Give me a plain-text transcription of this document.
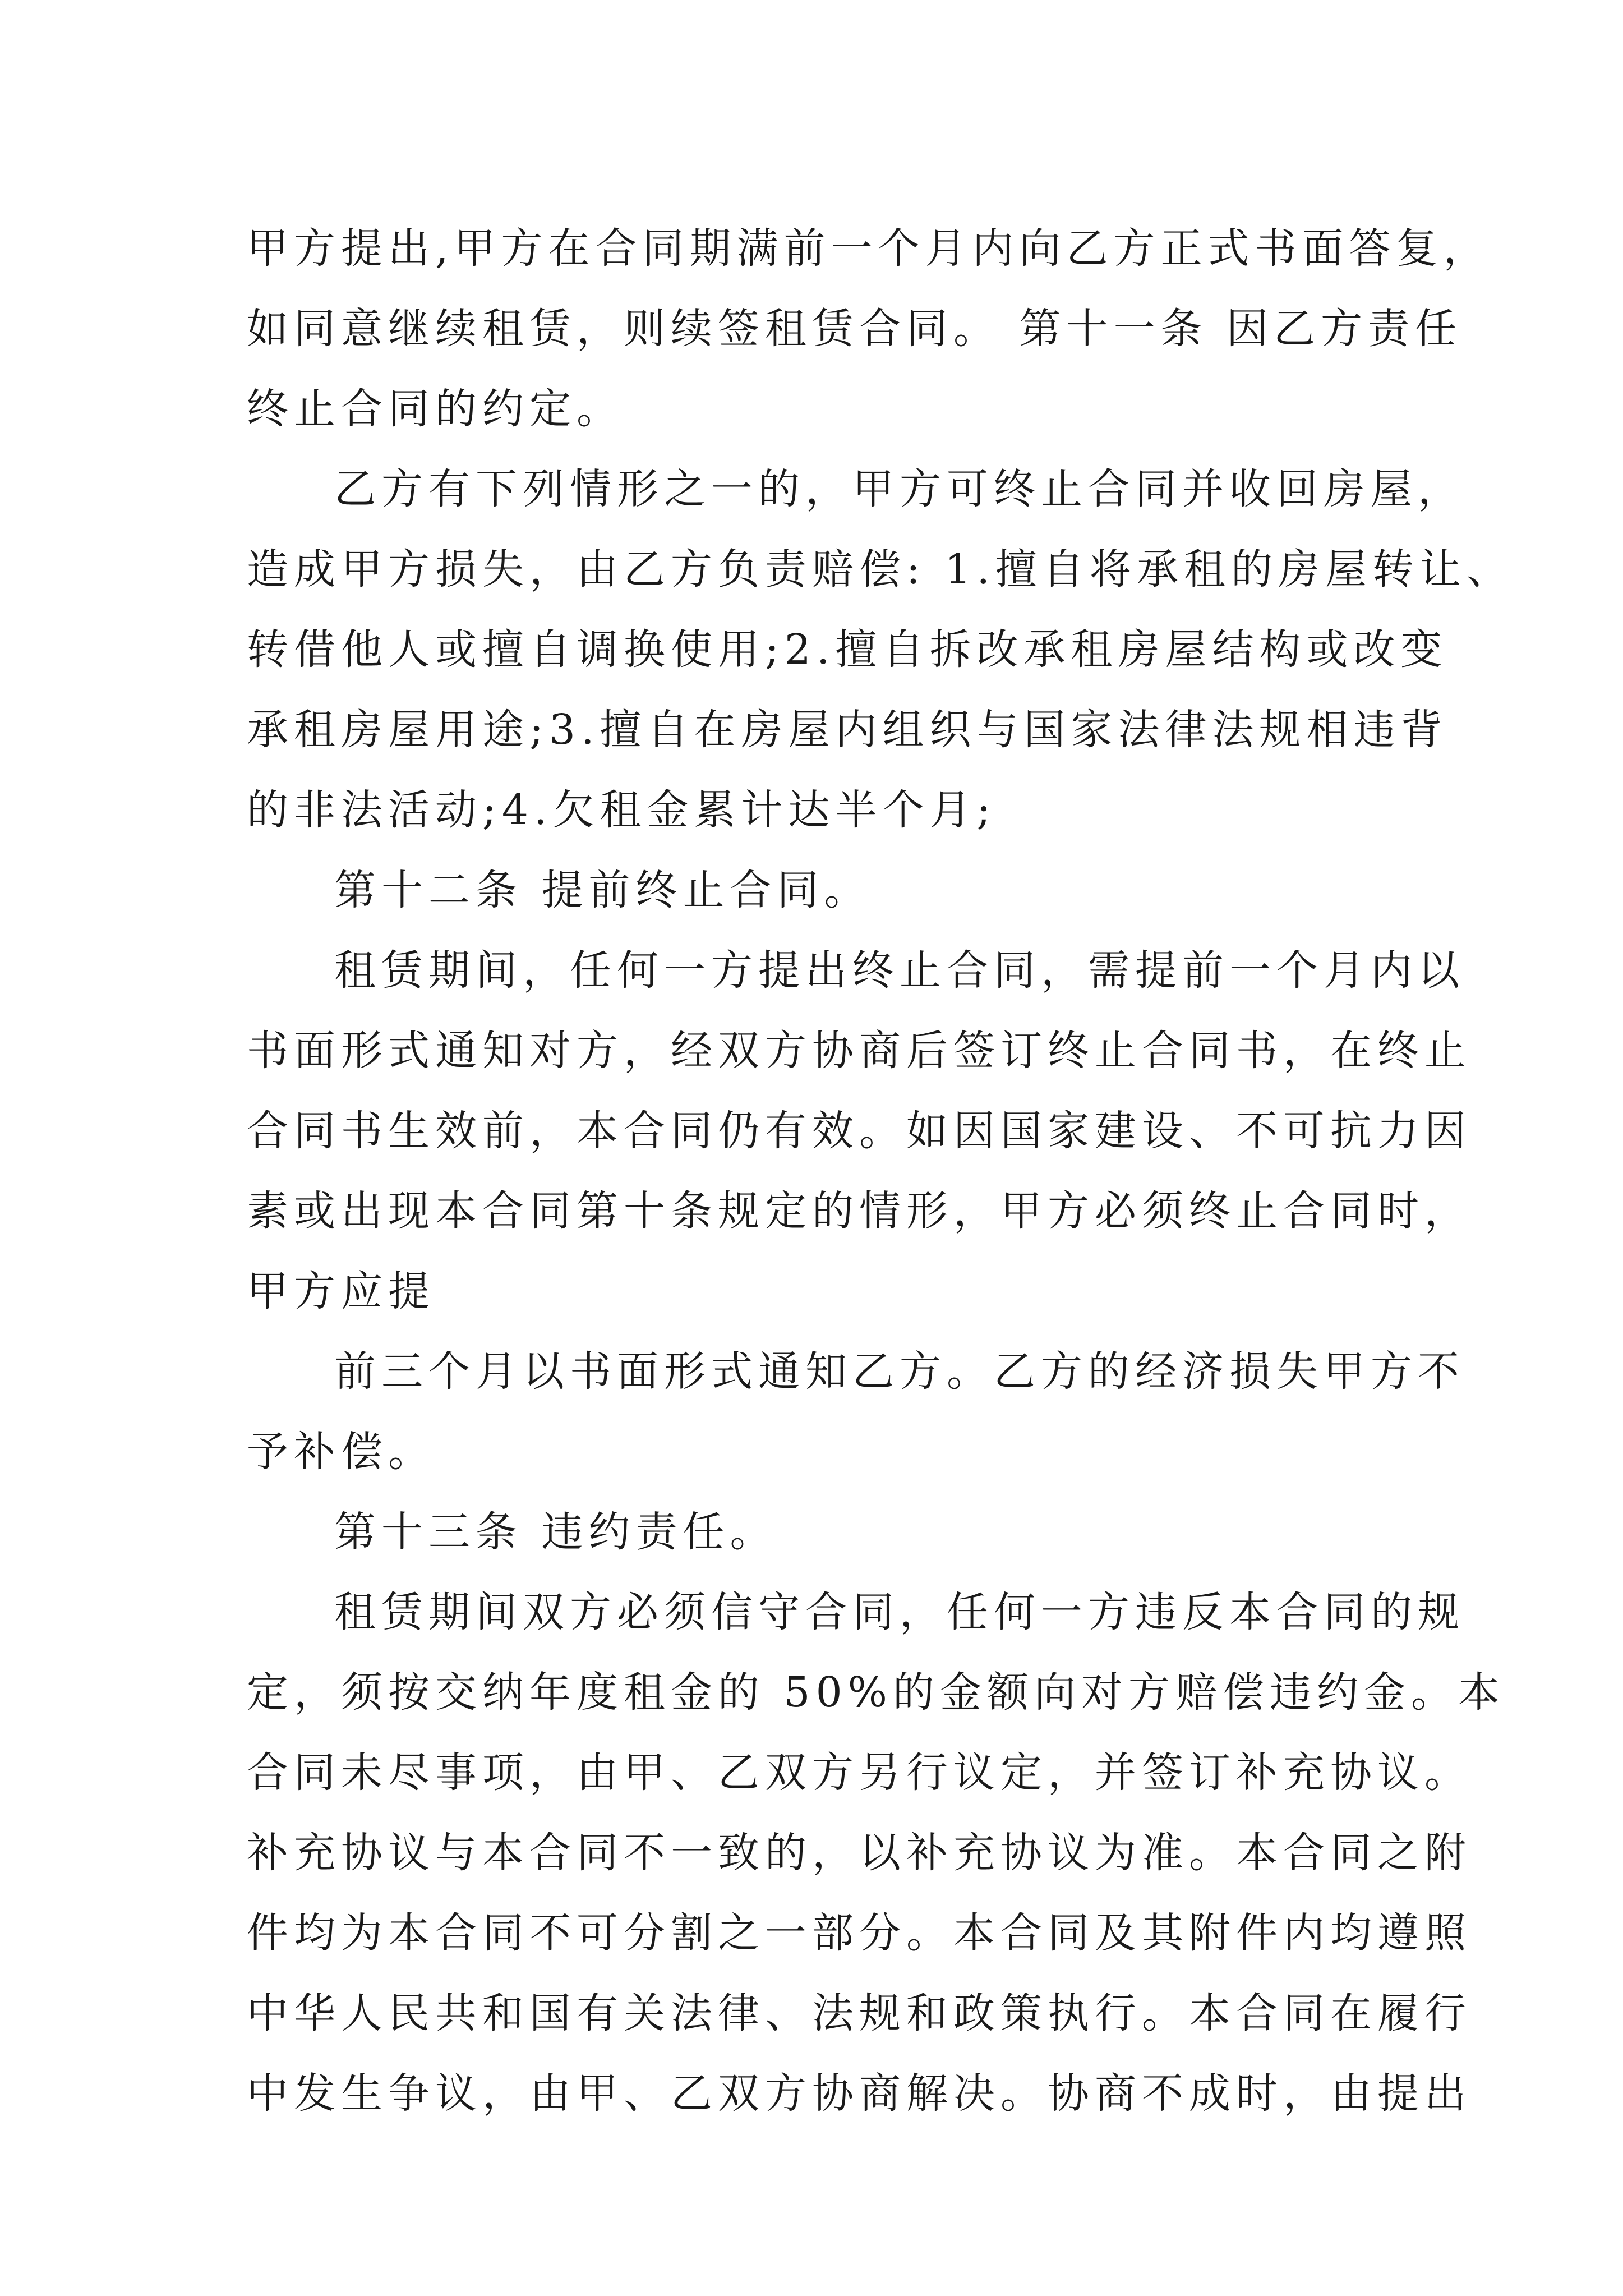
甲方提出,甲方在合同期满前一个月内向乙方正式书面答复，
如同意继续租赁，则续签租赁合同。 第十一条 因乙方责任
终止合同的约定。
乙方有下列情形之一的，甲方可终止合同并收回房屋，
造成甲方损失，由乙方负责赔偿: 1.擅自将承租的房屋转让、
转借他人或擅自调换使用;2.擅自拆改承租房屋结构或改变
承租房屋用途;3.擅自在房屋内组织与国家法律法规相违背
的非法活动;4.欠租金累计达半个月;
第十二条 提前终止合同。
租赁期间，任何一方提出终止合同，需提前一个月内以
书面形式通知对方，经双方协商后签订终止合同书，在终止
合同书生效前，本合同仍有效。如因国家建设、不可抗力因
素或出现本合同第十条规定的情形，甲方必须终止合同时，
甲方应提
前三个月以书面形式通知乙方。乙方的经济损失甲方不
予补偿。
第十三条 违约责任。
租赁期间双方必须信守合同，任何一方违反本合同的规
定，须按交纳年度租金的 50%的金额向对方赔偿违约金。本
合同未尽事项，由甲、乙双方另行议定，并签订补充协议。
补充协议与本合同不一致的，以补充协议为准。本合同之附
件均为本合同不可分割之一部分。本合同及其附件内均遵照
中华人民共和国有关法律、法规和政策执行。本合同在履行
中发生争议，由甲、乙双方协商解决。协商不成时，由提出
